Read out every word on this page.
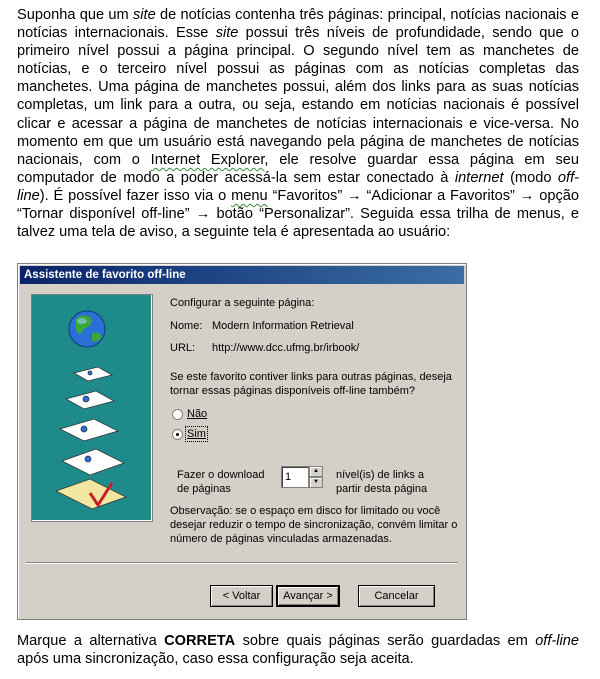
Suponha que um site de notícias contenha três páginas: principal, notícias nacionais e notícias internacionais. Esse site possui três níveis de profundidade, sendo que o primeiro nível possui a página principal. O segundo nível tem as manchetes de notícias, e o terceiro nível possui as páginas com as notícias completas das manchetes. Uma página de manchetes possui, além dos links para as suas notícias completas, um link para a outra, ou seja, estando em notícias nacionais é possível clicar e acessar a página de manchetes de notícias internacionais e vice-versa. No momento em que um usuário está navegando pela página de manchetes de notícias nacionais, com o Internet Explorer, ele resolve guardar essa página em seu computador de modo a poder acessá-la sem estar conectado à internet (modo off-line). É possível fazer isso via o menu “Favoritos” → “Adicionar a Favoritos” → opção “Tornar disponível off-line” → botão “Personalizar”. Seguida essa trilha de menus, e talvez uma tela de aviso, a seguinte tela é apresentada ao usuário:
Assistente de favorito off-line
Configurar a seguinte página:
Nome: Modern Information Retrieval
URL: http://www.dcc.ufmg.br/irbook/
Se este favorito contiver links para outras páginas, deseja
tornar essas páginas disponíveis off-line também?
Não
Sim
Fazer o download
de páginas
1	▲
▼
nível(is) de links a
partir desta página
Observação: se o espaço em disco for limitado ou você
desejar reduzir o tempo de sincronização, convém limitar o
número de páginas vinculadas armazenadas.
< Voltar	Avançar >	Cancelar
Marque a alternativa CORRETA sobre quais páginas serão guardadas em off-line após uma sincronização, caso essa configuração seja aceita.
